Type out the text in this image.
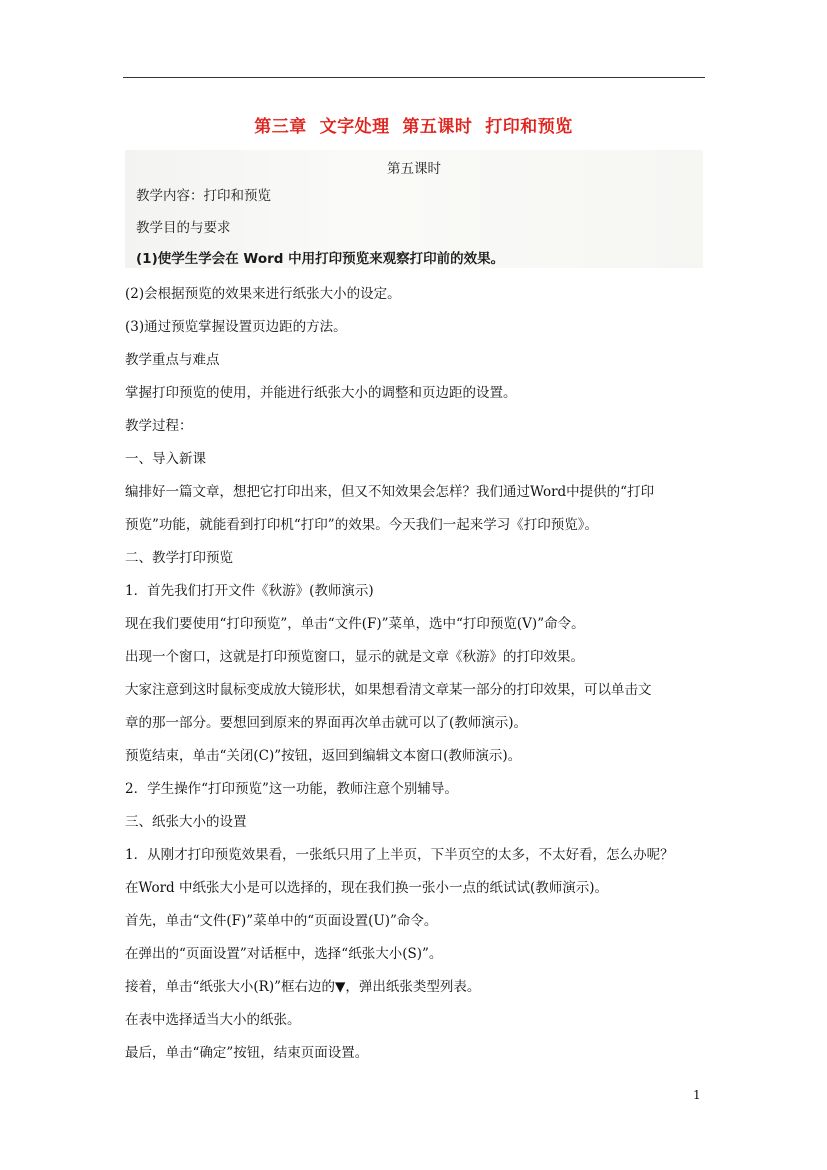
第三章  文字处理  第五课时  打印和预览
第五课时
教学内容：打印和预览
教学目的与要求
(1)使学生学会在 Word 中用打印预览来观察打印前的效果。

(2)会根据预览的效果来进行纸张大小的设定。

(3)通过预览掌握设置页边距的方法。

教学重点与难点

掌握打印预览的使用，并能进行纸张大小的调整和页边距的设置。

教学过程：

一、导入新课

编排好一篇文章，想把它打印出来，但又不知效果会怎样？我们通过Word中提供的“打印

预览”功能，就能看到打印机“打印”的效果。今天我们一起来学习《打印预览》。

二、教学打印预览

1．首先我们打开文件《秋游》(教师演示)

现在我们要使用“打印预览”，单击“文件(F)”菜单，选中“打印预览(V)”命令。

出现一个窗口，这就是打印预览窗口，显示的就是文章《秋游》的打印效果。

大家注意到这时鼠标变成放大镜形状，如果想看清文章某一部分的打印效果，可以单击文

章的那一部分。要想回到原来的界面再次单击就可以了(教师演示)。

预览结束，单击“关闭(C)”按钮，返回到编辑文本窗口(教师演示)。

2．学生操作“打印预览”这一功能，教师注意个别辅导。

三、纸张大小的设置

1．从刚才打印预览效果看，一张纸只用了上半页，下半页空的太多，不太好看，怎么办呢？

在Word 中纸张大小是可以选择的，现在我们换一张小一点的纸试试(教师演示)。

首先，单击“文件(F)”菜单中的“页面设置(U)”命令。

在弹出的“页面设置”对话框中，选择“纸张大小(S)”。

接着，单击“纸张大小(R)”框右边的▼，弹出纸张类型列表。

在表中选择适当大小的纸张。

最后，单击“确定”按钮，结束页面设置。

1
